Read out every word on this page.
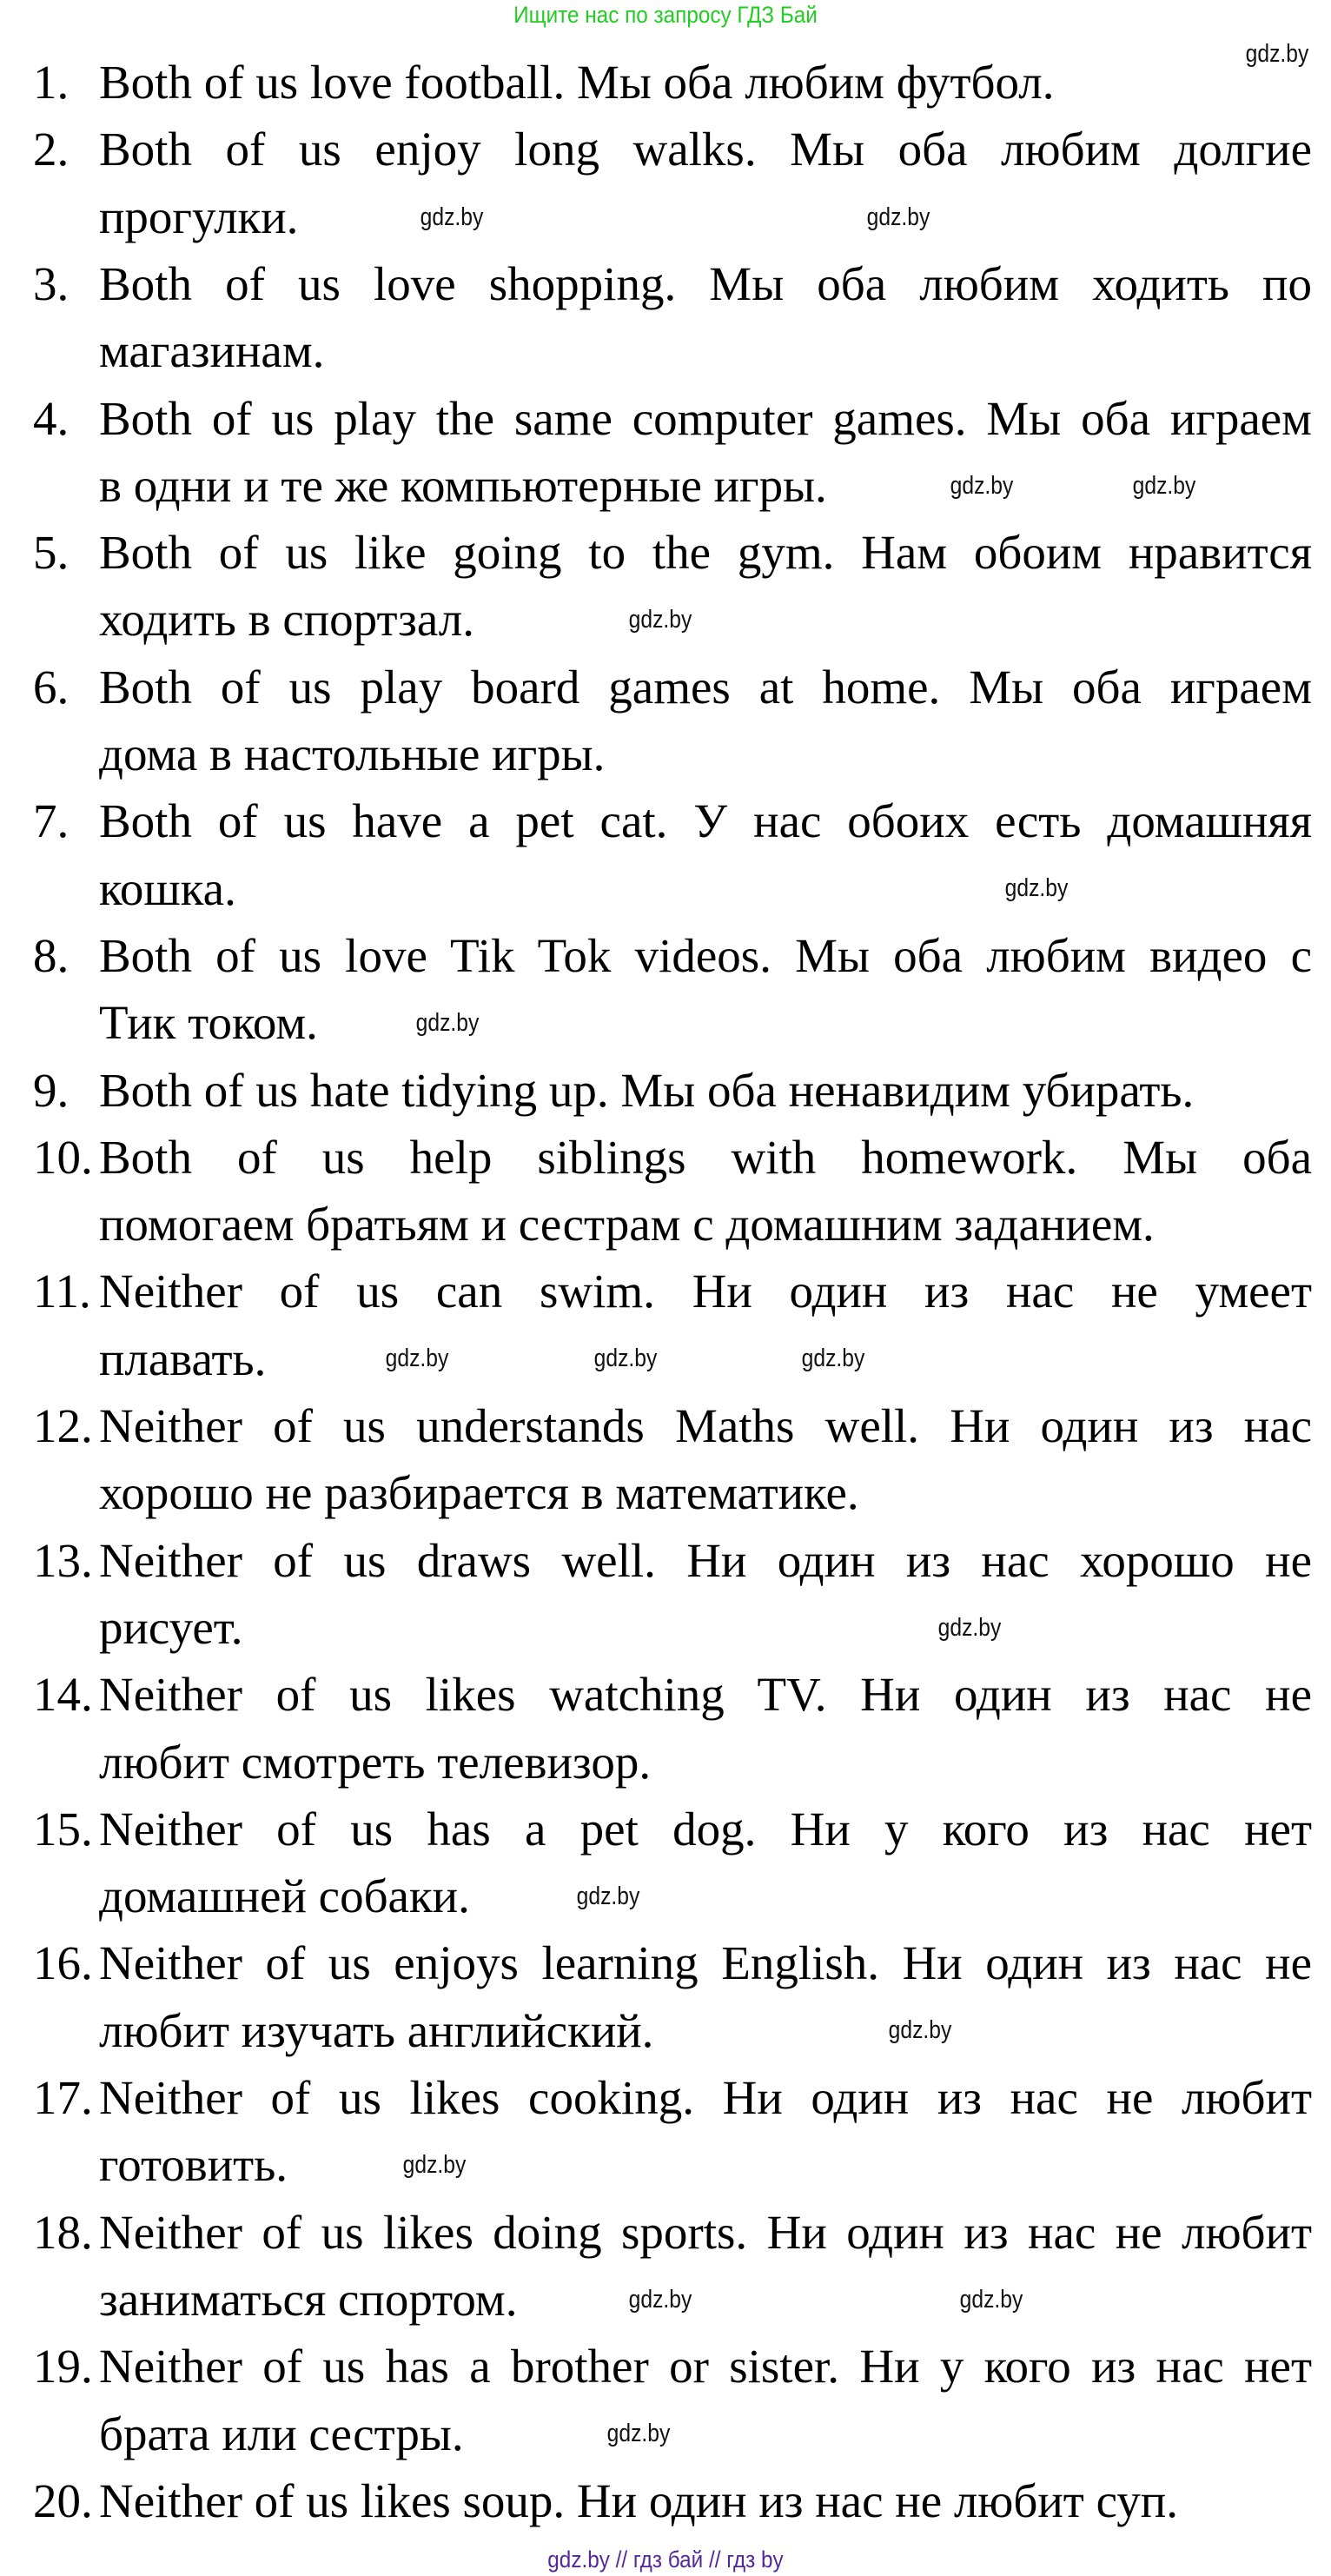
Ищите нас по запросу ГДЗ Бай
1. Both of us love football. Мы оба любим футбол.
2. Both of us enjoy long walks. Мы оба любим долгие
прогулки.
3. Both of us love shopping. Мы оба любим ходить по
магазинам.
4. Both of us play the same computer games. Мы оба играем
в одни и те же компьютерные игры.
5. Both of us like going to the gym. Нам обоим нравится
ходить в спортзал.
6. Both of us play board games at home. Мы оба играем
дома в настольные игры.
7. Both of us have a pet cat. У нас обоих есть домашняя
кошка.
8. Both of us love Tik Tok videos. Мы оба любим видео с
Тик током.
9. Both of us hate tidying up. Мы оба ненавидим убирать.
10. Both of us help siblings with homework. Мы оба
помогаем братьям и сестрам с домашним заданием.
11. Neither of us can swim. Ни один из нас не умеет
плавать.
12. Neither of us understands Maths well. Ни один из нас
хорошо не разбирается в математике.
13. Neither of us draws well. Ни один из нас хорошо не
рисует.
14. Neither of us likes watching TV. Ни один из нас не
любит смотреть телевизор.
15. Neither of us has a pet dog. Ни у кого из нас нет
домашней собаки.
16. Neither of us enjoys learning English. Ни один из нас не
любит изучать английский.
17. Neither of us likes cooking. Ни один из нас не любит
готовить.
18. Neither of us likes doing sports. Ни один из нас не любит
заниматься спортом.
19. Neither of us has a brother or sister. Ни у кого из нас нет
брата или сестры.
20. Neither of us likes soup. Ни один из нас не любит суп.
gdz.by
gdz.by	gdz.by
gdz.by	gdz.by
gdz.by
gdz.by
gdz.by
gdz.by	gdz.by	gdz.by
gdz.by
gdz.by
gdz.by
gdz.by
gdz.by	gdz.by
gdz.by
gdz.by // гдз бай // гдз by
